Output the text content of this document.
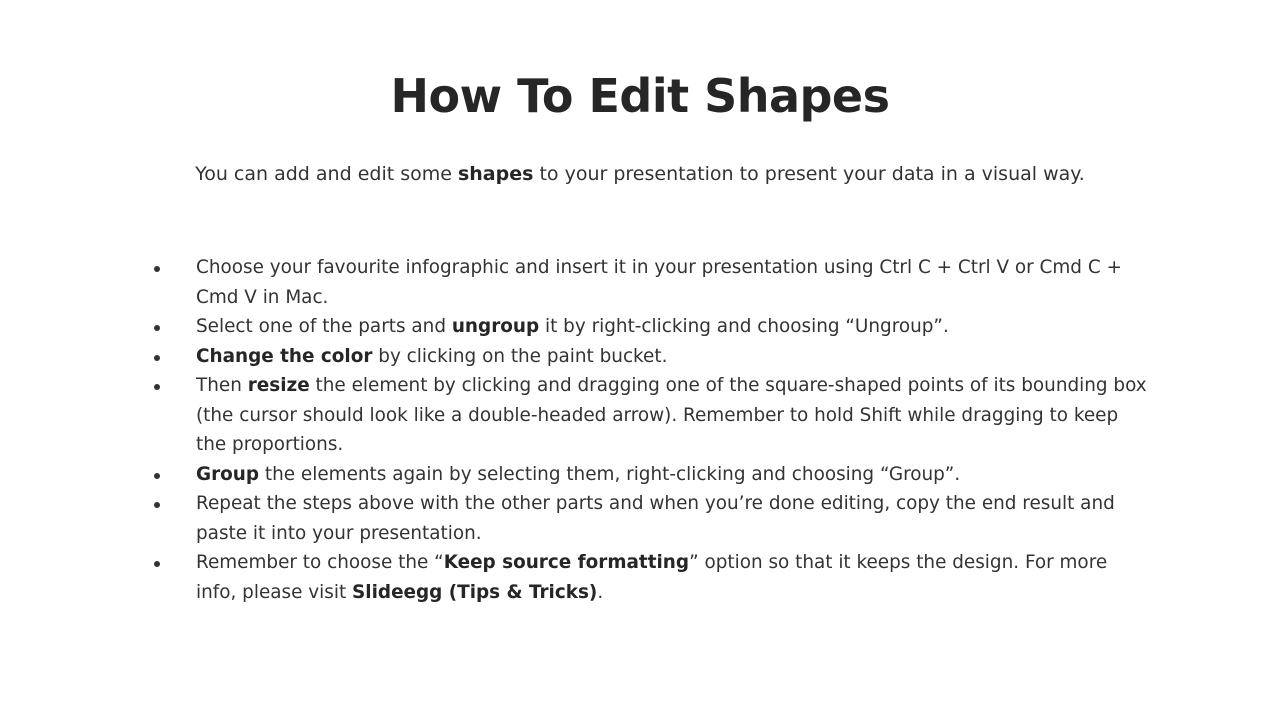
How To Edit Shapes
You can add and edit some shapes to your presentation to present your data in a visual way.
Choose your favourite infographic and insert it in your presentation using Ctrl C + Ctrl V or Cmd C + Cmd V in Mac.
Select one of the parts and ungroup it by right-clicking and choosing “Ungroup”.
Change the color by clicking on the paint bucket.
Then resize the element by clicking and dragging one of the square-shaped points of its bounding box (the cursor should look like a double-headed arrow). Remember to hold Shift while dragging to keep the proportions.
Group the elements again by selecting them, right-clicking and choosing “Group”.
Repeat the steps above with the other parts and when you’re done editing, copy the end result and paste it into your presentation.
Remember to choose the “Keep source formatting” option so that it keeps the design. For more info, please visit Slideegg (Tips & Tricks).
